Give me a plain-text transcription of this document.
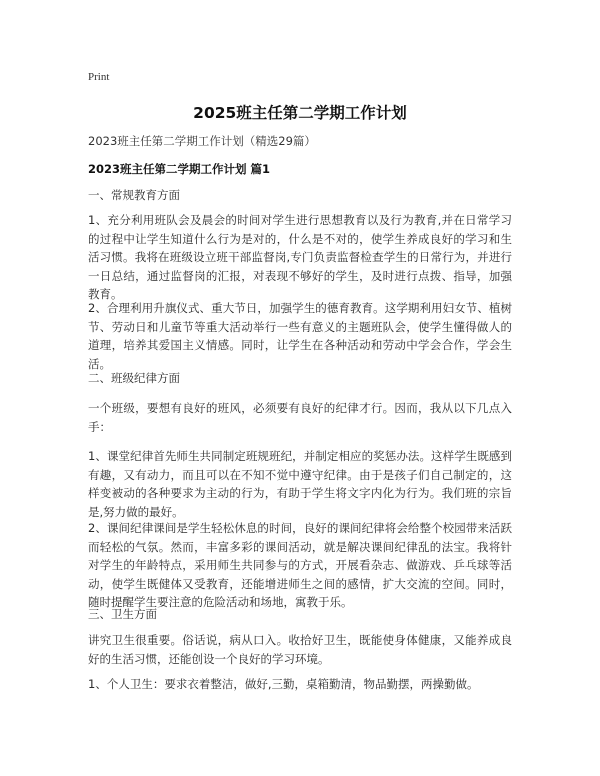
Print
2025班主任第二学期工作计划
2023班主任第二学期工作计划（精选29篇）
2023班主任第二学期工作计划 篇1

一、常规教育方面

1、充分利用班队会及晨会的时间对学生进行思想教育以及行为教育,并在日常学习的过程中让学生知道什么行为是对的，什么是不对的，使学生养成良好的学习和生活习惯。我将在班级设立班干部监督岗,专门负责监督检查学生的日常行为，并进行一日总结，通过监督岗的汇报，对表现不够好的学生，及时进行点拨、指导，加强教育。

2、合理利用升旗仪式、重大节日，加强学生的德育教育。这学期利用妇女节、植树节、劳动日和儿童节等重大活动举行一些有意义的主题班队会，使学生懂得做人的道理，培养其爱国主义情感。同时，让学生在各种活动和劳动中学会合作，学会生活。

二、班级纪律方面

一个班级，要想有良好的班风，必须要有良好的纪律才行。因而，我从以下几点入手：

1、课堂纪律首先师生共同制定班规班纪，并制定相应的奖惩办法。这样学生既感到有趣，又有动力，而且可以在不知不觉中遵守纪律。由于是孩子们自己制定的，这样变被动的各种要求为主动的行为，有助于学生将文字内化为行为。我们班的宗旨是,努力做的最好。

2、课间纪律课间是学生轻松休息的时间，良好的课间纪律将会给整个校园带来活跃而轻松的气氛。然而，丰富多彩的课间活动，就是解决课间纪律乱的法宝。我将针对学生的年龄特点，采用师生共同参与的方式，开展看杂志、做游戏、乒乓球等活动，使学生既健体又受教育，还能增进师生之间的感情，扩大交流的空间。同时，随时提醒学生要注意的危险活动和场地，寓教于乐。

三、卫生方面

讲究卫生很重要。俗话说，病从口入。收拾好卫生，既能使身体健康，又能养成良好的生活习惯，还能创设一个良好的学习环境。

1、个人卫生：要求衣着整洁，做好,三勤，桌箱勤清，物品勤摆，两操勤做。
